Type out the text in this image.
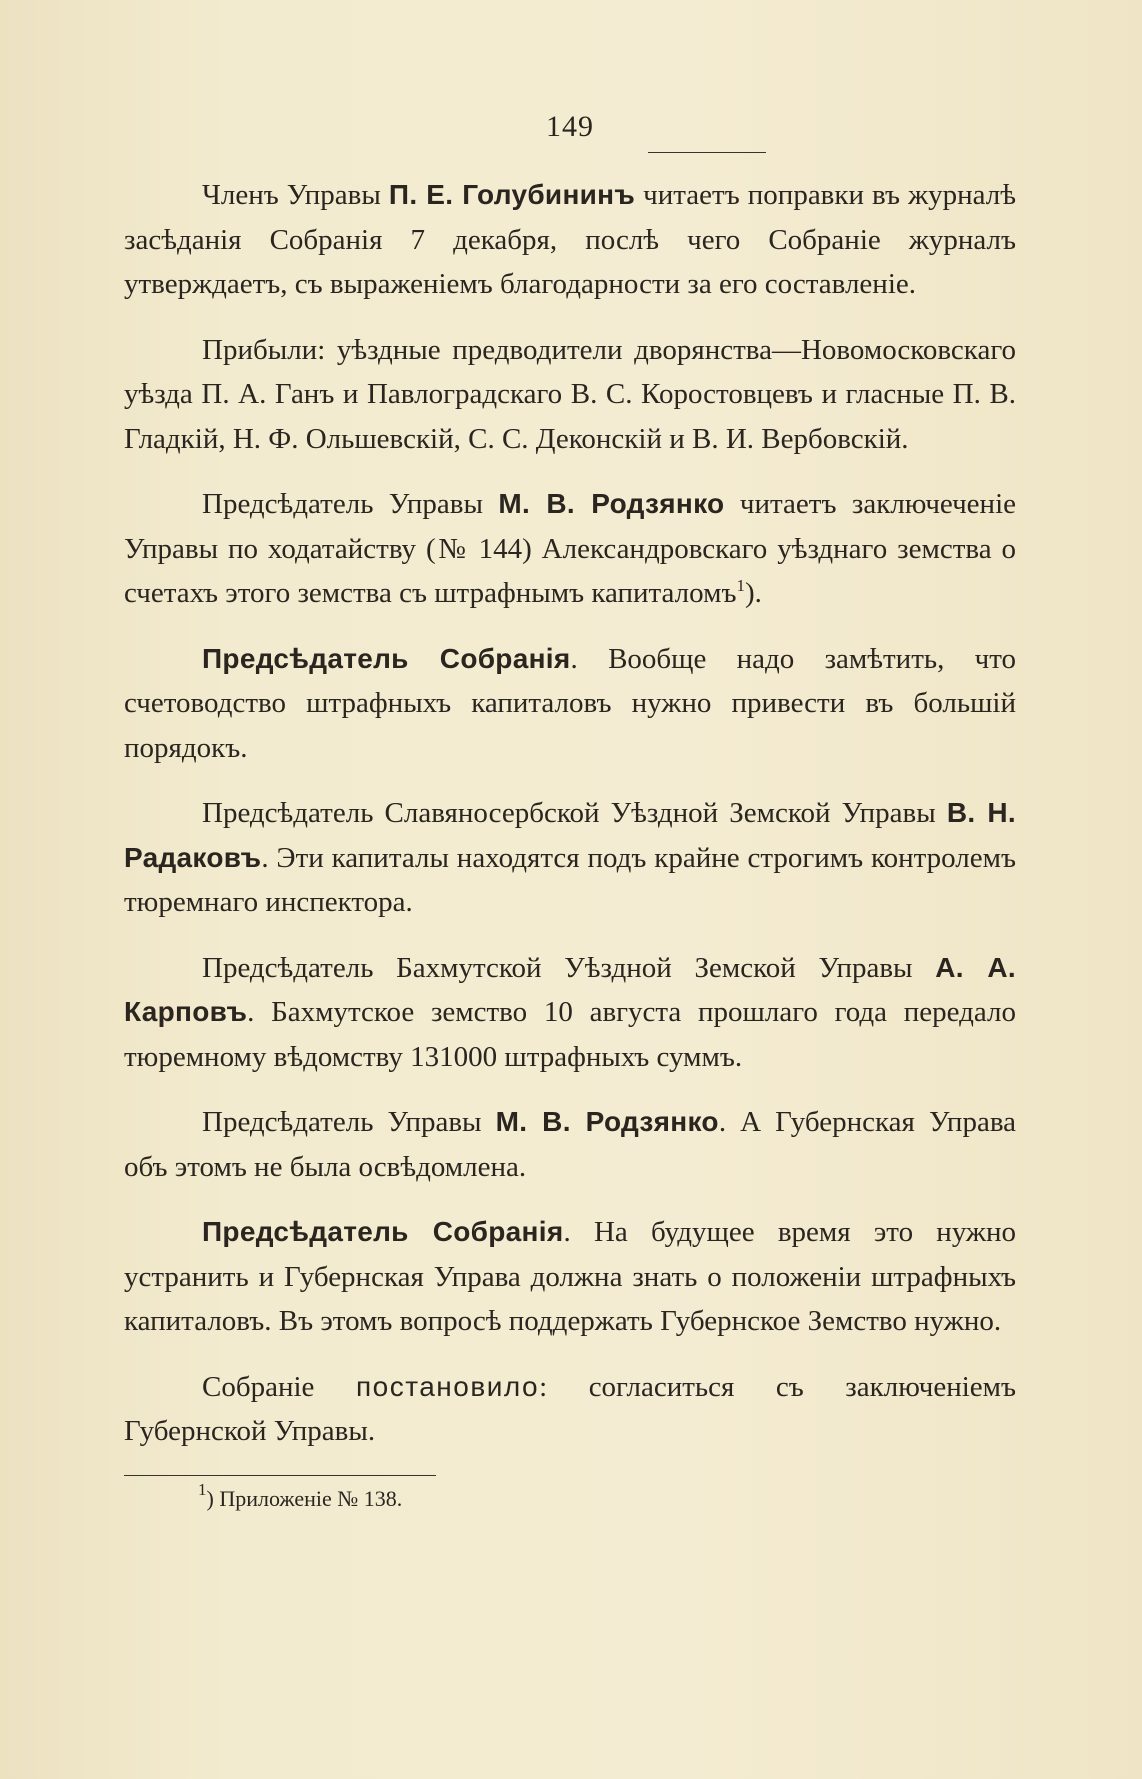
149

Членъ Управы П. Е. Голубининъ читаетъ поправки въ журналѣ засѣданія Собранія 7 декабря, послѣ чего Собраніе журналъ утверждаетъ, съ выраженіемъ благодарности за его составленіе.

Прибыли: уѣздные предводители дворянства—Новомосковскаго уѣзда П. А. Ганъ и Павлоградскаго В. С. Коростовцевъ и гласные П. В. Гладкій, Н. Ф. Ольшевскій, С. С. Деконскій и В. И. Вербовскій.

Предсѣдатель Управы М. В. Родзянко читаетъ заключеченіе Управы по ходатайству (№ 144) Александровскаго уѣзднаго земства о счетахъ этого земства съ штрафнымъ капиталомъ$^1$).

Предсѣдатель Собранія. Вообще надо замѣтить, что счетоводство штрафныхъ капиталовъ нужно привести въ большій порядокъ.

Предсѣдатель Славяносербской Уѣздной Земской Управы В. Н. Радаковъ. Эти капиталы находятся подъ крайне строгимъ контролемъ тюремнаго инспектора.

Предсѣдатель Бахмутской Уѣздной Земской Управы А. А. Карповъ. Бахмутское земство 10 августа прошлаго года передало тюремному вѣдомству 131000 штрафныхъ суммъ.

Предсѣдатель Управы М. В. Родзянко. А Губернская Управа объ этомъ не была освѣдомлена.

Предсѣдатель Собранія. На будущее время это нужно устранить и Губернская Управа должна знать о положеніи штрафныхъ капиталовъ. Въ этомъ вопросѣ поддержать Губернское Земство нужно.

Собраніе постановило: согласиться съ заключеніемъ Губернской Управы.

$^1$) Приложеніе № 138.
